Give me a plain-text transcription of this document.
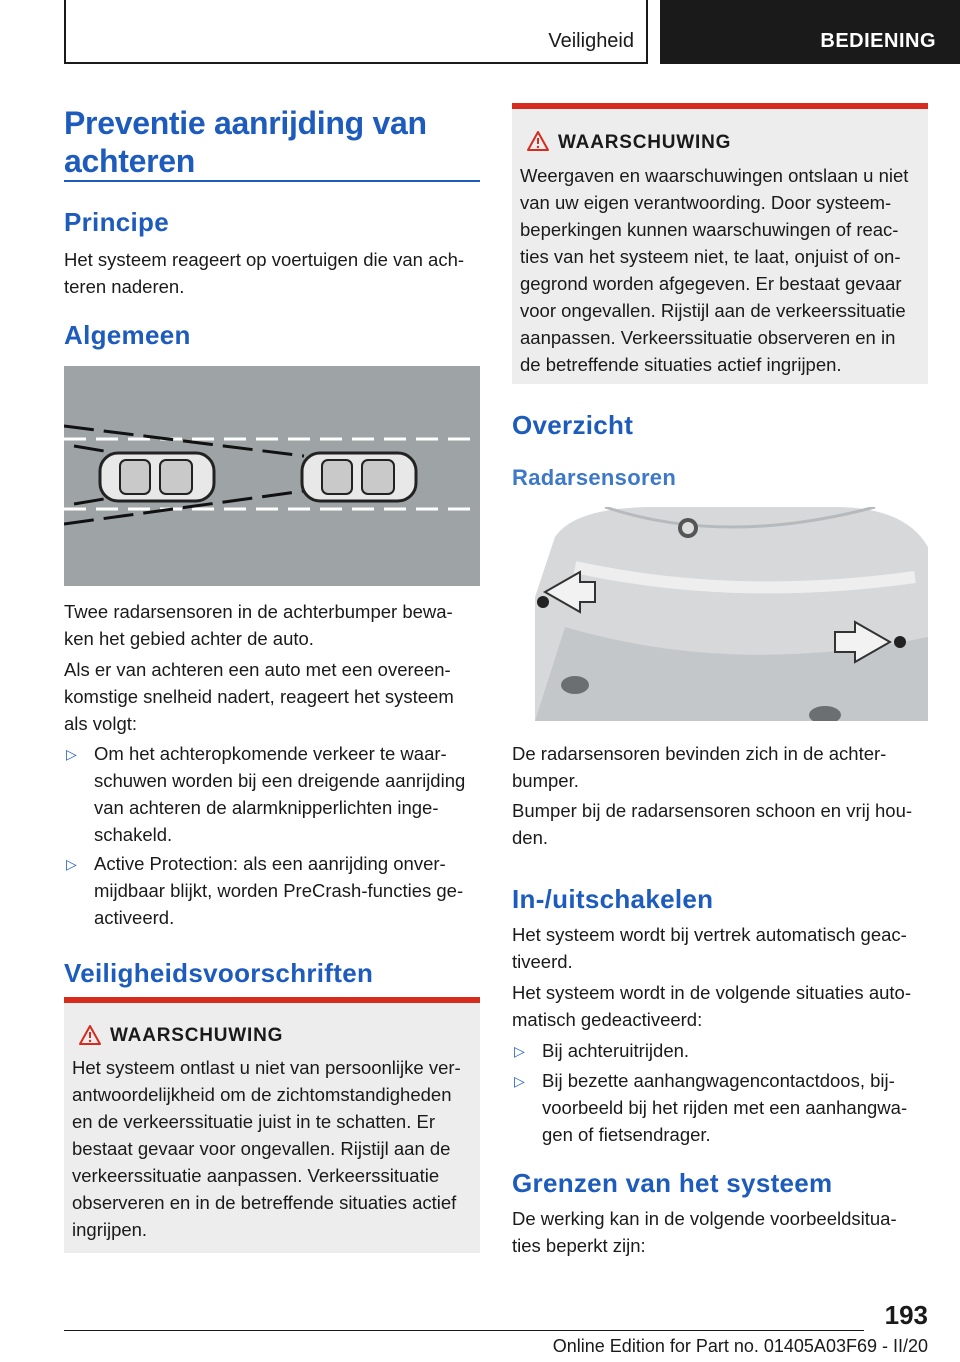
Veiligheid	BEDIENING
Preventie aanrijding van
achteren
Principe
Het systeem reageert op voertuigen die van ach-
teren naderen.
Algemeen
Twee radarsensoren in de achterbumper bewa-
ken het gebied achter de auto.
Als er van achteren een auto met een overeen-
komstige snelheid nadert, reageert het systeem
als volgt:
▷ Om het achteropkomende verkeer te waar-
schuwen worden bij een dreigende aanrijding
van achteren de alarmknipperlichten inge-
schakeld.
▷ Active Protection: als een aanrijding onver-
mijdbaar blijkt, worden PreCrash-functies ge-
activeerd.
Veiligheidsvoorschriften
WAARSCHUWING
Het systeem ontlast u niet van persoonlijke ver-
antwoordelijkheid om de zichtomstandigheden
en de verkeerssituatie juist in te schatten. Er
bestaat gevaar voor ongevallen. Rijstijl aan de
verkeerssituatie aanpassen. Verkeerssituatie
observeren en in de betreffende situaties actief
ingrijpen.
WAARSCHUWING
Weergaven en waarschuwingen ontslaan u niet
van uw eigen verantwoording. Door systeem-
beperkingen kunnen waarschuwingen of reac-
ties van het systeem niet, te laat, onjuist of on-
gegrond worden afgegeven. Er bestaat gevaar
voor ongevallen. Rijstijl aan de verkeerssituatie
aanpassen. Verkeerssituatie observeren en in
de betreffende situaties actief ingrijpen.
Overzicht
Radarsensoren
De radarsensoren bevinden zich in de achter-
bumper.
Bumper bij de radarsensoren schoon en vrij hou-
den.
In-/uitschakelen
Het systeem wordt bij vertrek automatisch geac-
tiveerd.
Het systeem wordt in de volgende situaties auto-
matisch gedeactiveerd:
▷ Bij achteruitrijden.
▷ Bij bezette aanhangwagencontactdoos, bij-
voorbeeld bij het rijden met een aanhangwa-
gen of fietsendrager.
Grenzen van het systeem
De werking kan in de volgende voorbeeldsitua-
ties beperkt zijn:
193
Online Edition for Part no. 01405A03F69 - II/20
